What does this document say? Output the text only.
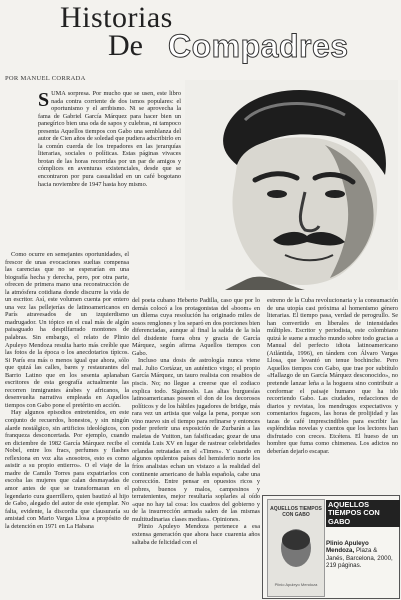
Historias
De Compadres
POR MANUEL CORRADA
SUMA sorpresa. Por mucho que se usen, este libro nada contra corriente de dos ismos populares: el oportunismo y el arribismo. Ni se aprovecha la fama de Gabriel García Márquez para hacer bien un panegírico bien una oda de sapos y culebras, ni tampoco presenta Aquellos tiempos con Gabo una semblanza del autor de Cien años de soledad que pudiera adscribirlo en la común cuerda de los trepadores en las jerarquías literarias, sociales o políticas. Estas páginas vivaces brotan de las horas recorridas por un par de amigos y cómplices en aventuras existenciales, desde que se encontraron por pura casualidad en un café bogotano hacia noviembre de 1947 hasta hoy mismo.

Como ocurre en semejantes oportunidades, el frescor de unas evocaciones sueltas compensa las carencias que no se esperarían en una biografía hecha y derecha, pero, por otra parte, ofrecen de primera mano una reconstrucción de la atmósfera cotidiana donde discurre la vida de un escritor. Así, este volumen cuenta por entero una vez las pellejerías de latinoamericanos en París atravesados de un izquierdismo madrugador. Un tópico en el cual más de algún paisaguado ha despilfarrado montones de palabras. Sin embargo, el relato de Plinio Apuleyo Mendoza resulta harto más creíble que las fotos de la época o los anecdotarios típicos. Si París era más o menos igual que ahora, sólo que quizá las calles, bares y restaurantes del Barrio Latino que en los sesenta aplanaban escritores de esta geografía actualmente las recorren inmigrantes árabes y africanos, la desenvuelta narrativa empleada en Aquellos tiempos con Gabo pone el pretérito en acción.

Hay algunos episodios entretenidos, en este conjunto de recuerdos, honestos, y sin ningún alarde nostálgico, sin artificios ideológicos, con franqueza desconcertada. Por ejemplo, cuando en diciembre de 1982 García Márquez recibe el Nobel, entre los fracs, perfumes y flashes reflexiona en voz alta «nosotros, esto es como asistir a su propio entierro». O el viaje de la madre de Camilo Torres para expatriarlos con escoba las mujeres que calan desmayadas de amor antes de que se transformaran en el legendario cura guerrillero, quien bautizó al hijo de Gabo, alegado del autor de este ejemplar. No falta, evidente, la discordia que clausuraría su amistad con Mario Vargas Llosa a propósito de la detención en 1971 en La Habana

del poeta cubano Heberto Padilla, caso que por lo demás colocó a los protagonistas del «boom» en un dilema cuya resolución ha originado miles de sosos renglones y los separó en dos porciones bien diferenciadas, aunque al final la salida de la isla del disidente fuera obra y gracia de García Márquez, según afirma Aquellos tiempos con Gabo.

Incluso una dosis de astrología nunca viene mal. Julio Cortázar, un auténtico virgo; el propio García Márquez, un tauro realista con resabios de piscis. No; no llegue a creerse que el zodiaco explica todo. Sigámoslo. Las altas burguesías latinoamericanas poseen el don de los decorosos políticos y de los hábiles jugadores de bridge, más rara vez un artista que valga la pena, porque son vino nuevo sin el tiempo para refinarse y entonces poder preferir una exposición de Zurbarán a las maletas de Vuitton, tan falsificadas; gozar de una comida Luis XV en lugar de rastrear celebridades orlandas retratadas en el «Times». Y cuando en algunos opulentos países del hemisferio norte los fríos analistas echan un vistazo a la realidad del continente americano de habla española, cabe una corrección. Entre pensar en opuestos ricos y pobres, buenos y malos, campesinos y terratenientes, mejor resultaría soplarles al oído «que no hay tal cosa: los cuadros del gobierno y de la insurrección armada salen de las mismas multitudinarias clases medias». Opiniones.

Plinio Apuleyo Mendoza pertenece a esa extensa generación que ahora hace cuarenta años saltaba de felicidad con el

estreno de la Cuba revolucionaria y la consumación de una utopía casi próxima al homenismo género literarias. El tiempo pasa, verdad de perogrullo. Se han convertido en liberales de intensidades múltiples. Escritor y periodista, este colombiano quizá le suene a mucho mundo sobre todo gracias a Manual del perfecto idiota latinoamericano (Atlántida, 1996), en tándem con Álvaro Vargas Llosa, que levantó un tenue bochinche. Pero Aquellos tiempos con Gabo, que trae por subtítulo «Hallazgo de un García Márquez desconocido», no pretende lanzar leña a la hoguera sino contribuir a conformar el paisaje humano que ha ido recorriendo Gabo. Las ciudades, redacciones de diarios y revistas, los mendrugos expectativos y comentarios fugaces, las horas de prolijidad y las tazas de café imprescindibles para escribir las espléndidas novelas y cuentos que los lectores han disfrutado con creces. Etcétera. El hueso de un hombre que fuma como chimenea. Los adictos no deberían dejarlo escapar.

AQUELLOS TIEMPOS CON GABO
Plinio Apuleyo Mendoza
AQUELLOS TIEMPOS CON GABO
Plinio Apuleyo Mendoza, Plaza & Janés, Barcelona, 2000, 219 páginas.
